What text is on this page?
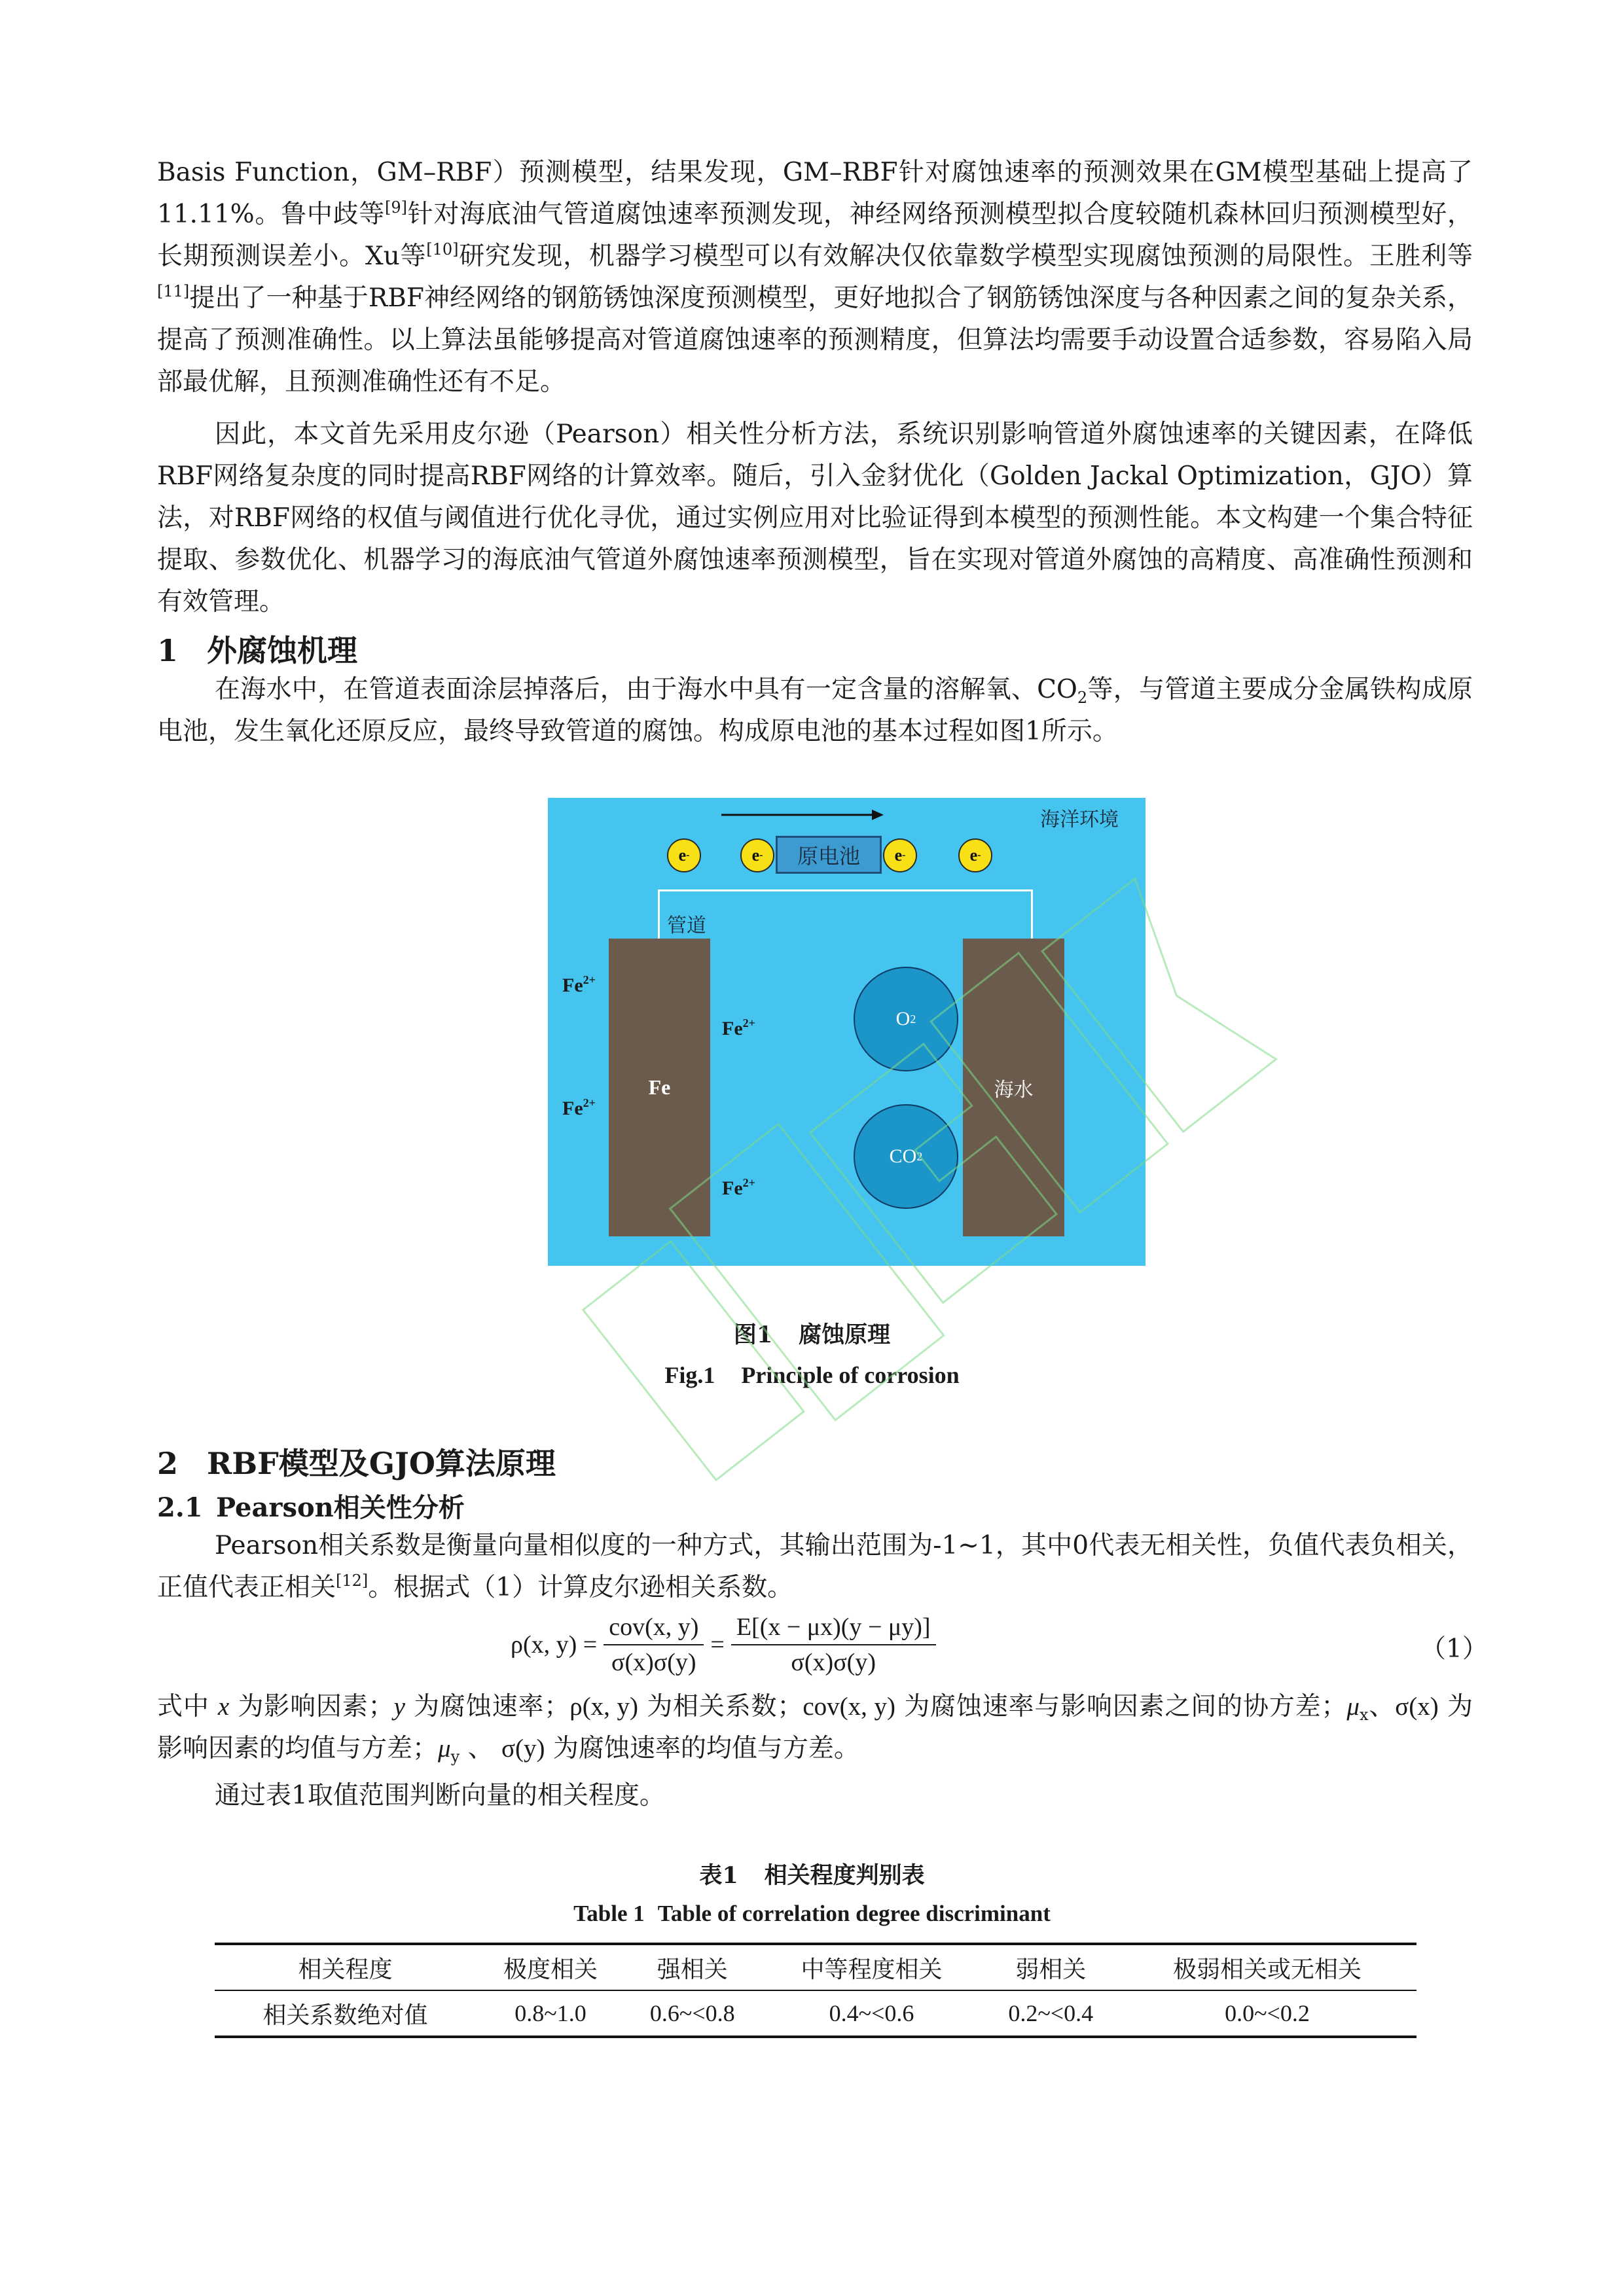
Basis Function，GM–RBF）预测模型，结果发现，GM–RBF针对腐蚀速率的预测效果在GM模型基础上提高了11.11%。鲁中歧等[9]针对海底油气管道腐蚀速率预测发现，神经网络预测模型拟合度较随机森林回归预测模型好，长期预测误差小。Xu等[10]研究发现，机器学习模型可以有效解决仅依靠数学模型实现腐蚀预测的局限性。王胜利等[11]提出了一种基于RBF神经网络的钢筋锈蚀深度预测模型，更好地拟合了钢筋锈蚀深度与各种因素之间的复杂关系，提高了预测准确性。以上算法虽能够提高对管道腐蚀速率的预测精度，但算法均需要手动设置合适参数，容易陷入局部最优解，且预测准确性还有不足。

因此，本文首先采用皮尔逊（Pearson）相关性分析方法，系统识别影响管道外腐蚀速率的关键因素，在降低RBF网络复杂度的同时提高RBF网络的计算效率。随后，引入金豺优化（Golden Jackal Optimization，GJO）算法，对RBF网络的权值与阈值进行优化寻优，通过实例应用对比验证得到本模型的预测性能。本文构建一个集合特征提取、参数优化、机器学习的海底油气管道外腐蚀速率预测模型，旨在实现对管道外腐蚀的高精度、高准确性预测和有效管理。

1 外腐蚀机理

在海水中，在管道表面涂层掉落后，由于海水中具有一定含量的溶解氧、$CO_2$等，与管道主要成分金属铁构成原电池，发生氧化还原反应，最终导致管道的腐蚀。构成原电池的基本过程如图1所示。

海洋环境
e -	e -	原电池	e -	e -
管道
Fe	海水
$Fe^{2+}$
$Fe^{2+}$
$Fe^{2+}$
$Fe^{2+}$
O 2
CO 2

图1 腐蚀原理

Fig.1 Principle of corrosion

2 RBF模型及GJO算法原理
2.1 Pearson相关性分析

Pearson相关系数是衡量向量相似度的一种方式，其输出范围为-1~1，其中0代表无相关性，负值代表负相关，正值代表正相关[12]。根据式（1）计算皮尔逊相关系数。

ρ(x, $y) = \frac{\text{cov(x, y)}}{\sigma(x)\sigma(y)} = \frac{E[(x - \mu x)(y - \mu y)]}{\sigma(x)\sigma(y)}$	（1）

式中 x 为影响因素；y 为腐蚀速率；ρ(x, y) 为相关系数；cov(x, y) 为腐蚀速率与影响因素之间的协方差；$\mu_x$、σ(x) 为影响因素的均值与方差；$\mu_y$ 、 σ(y) 为腐蚀速率的均值与方差。

通过表1取值范围判断向量的相关程度。

表1 相关程度判别表

Table 1 Table of correlation degree discriminant

相关程度	极度相关	强相关	中等程度相关	弱相关	极弱相关或无相关
相关系数绝对值	0.8~1.0	0.6~<0.8	0.4~<0.6	0.2~<0.4	0.0~<0.2
